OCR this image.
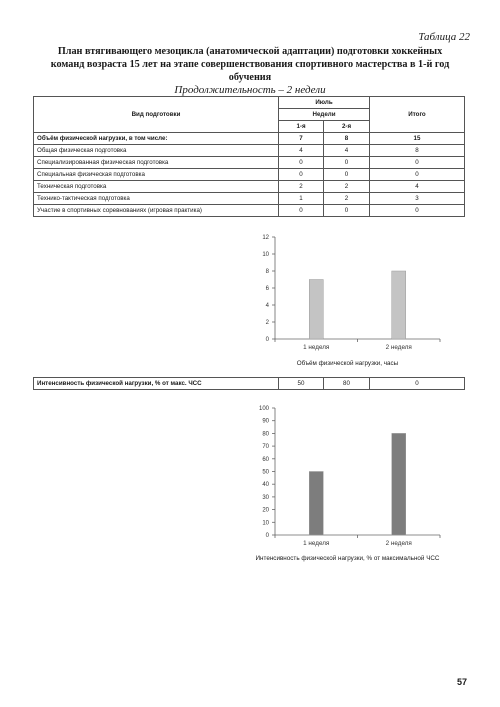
Таблица 22
План втягивающего мезоцикла (анатомической адаптации) подготовки хоккейных команд возраста 15 лет на этапе совершенствования спортивного мастерства в 1-й год обучения
Продолжительность – 2 недели
Вид подготовки	Июль		Итого
	Недели		
	1-я	2-я	
Объём физической нагрузки, в том числе:	7	8	15
Общая физическая подготовка	4	4	8
Специализированная физическая подготовка	0	0	0
Специальная физическая подготовка	0	0	0
Техническая подготовка	2	2	4
Технико-тактическая подготовка	1	2	3
Участие в спортивных соревнованиях (игровая практика)	0	0	0
0
2
4
6
8
10
12
1 неделя	2 неделя
Объём физической нагрузки, часы
Интенсивность физической нагрузки, % от макс. ЧСС	50	80	0
0
10
20
30
40
50
60
70
80
90
100
1 неделя	2 неделя
Интенсивность физической нагрузки, % от максимальной ЧСС
57
